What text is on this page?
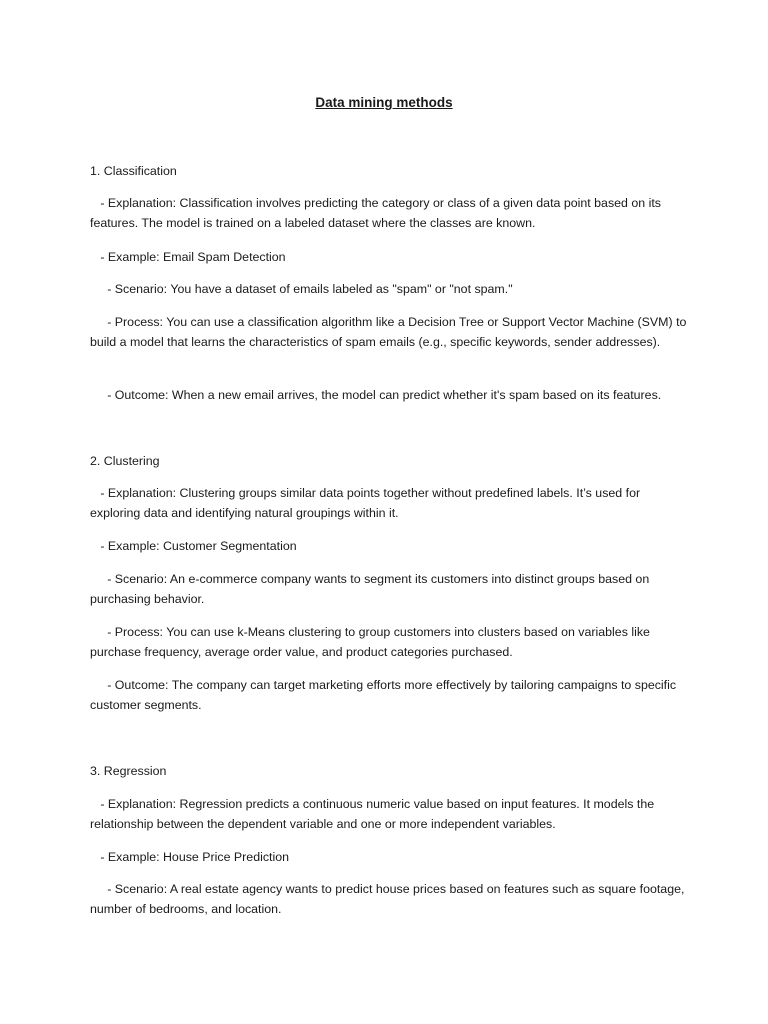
Data mining methods

1. Classification

- Explanation: Classification involves predicting the category or class of a given data point based on its features. The model is trained on a labeled dataset where the classes are known.

- Example: Email Spam Detection

- Scenario: You have a dataset of emails labeled as "spam" or "not spam."

- Process: You can use a classification algorithm like a Decision Tree or Support Vector Machine (SVM) to build a model that learns the characteristics of spam emails (e.g., specific keywords, sender addresses).

- Outcome: When a new email arrives, the model can predict whether it's spam based on its features.

2. Clustering

- Explanation: Clustering groups similar data points together without predefined labels. It’s used for exploring data and identifying natural groupings within it.

- Example: Customer Segmentation

- Scenario: An e-commerce company wants to segment its customers into distinct groups based on purchasing behavior.

- Process: You can use k-Means clustering to group customers into clusters based on variables like purchase frequency, average order value, and product categories purchased.

- Outcome: The company can target marketing efforts more effectively by tailoring campaigns to specific customer segments.

3. Regression

- Explanation: Regression predicts a continuous numeric value based on input features. It models the relationship between the dependent variable and one or more independent variables.

- Example: House Price Prediction

- Scenario: A real estate agency wants to predict house prices based on features such as square footage, number of bedrooms, and location.
